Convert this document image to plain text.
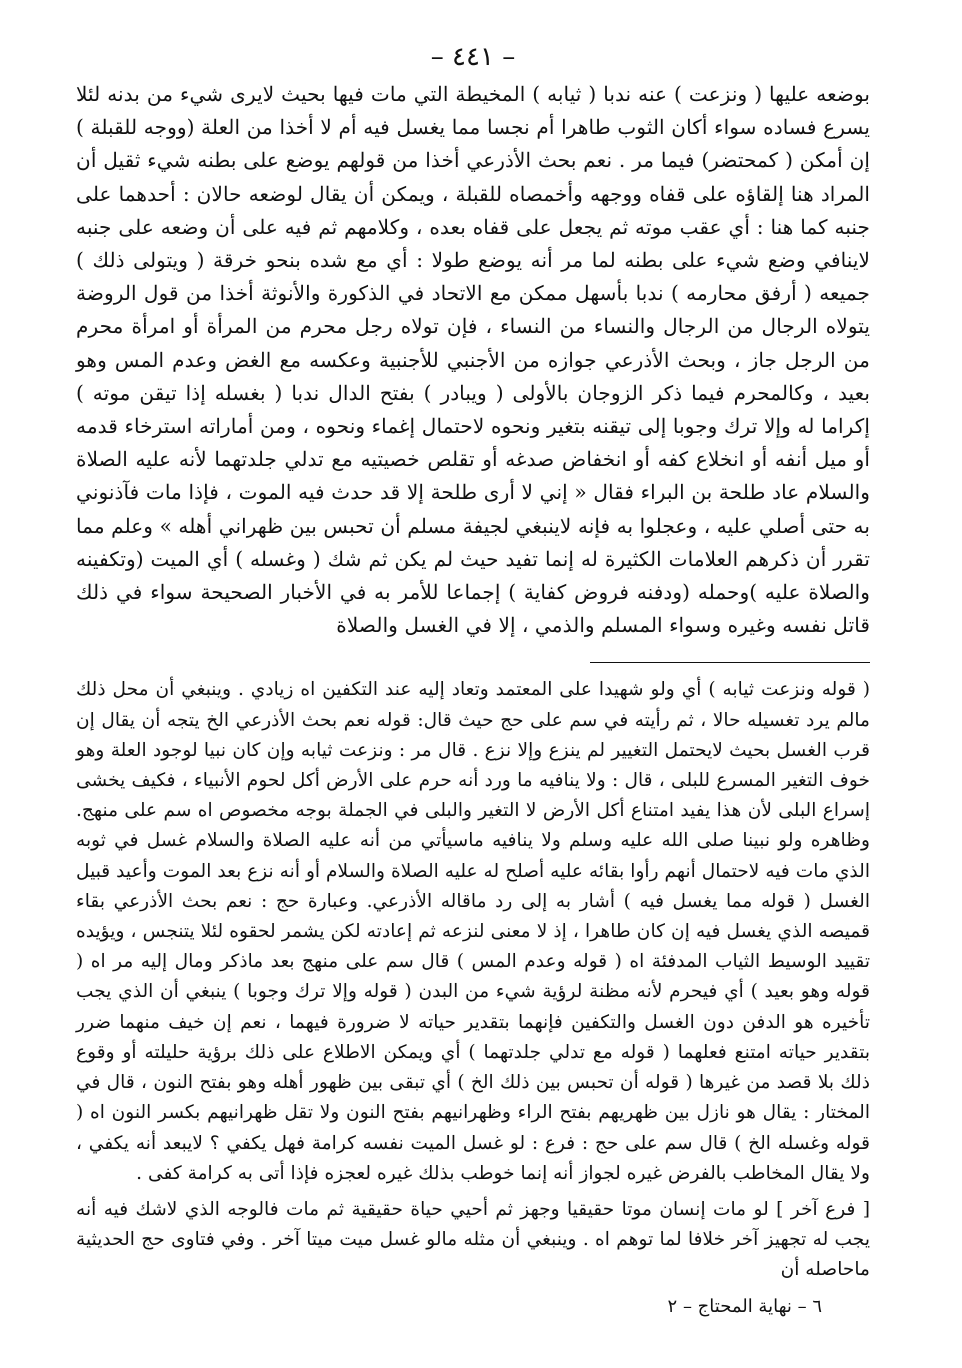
– ٤٤١ –

بوضعه عليها ( ونزعت ) عنه ندبا ( ثيابه ) المخيطة التي مات فيها بحيث لايرى شيء من بدنه لئلا يسرع فساده سواء أكان الثوب طاهرا أم نجسا مما يغسل فيه أم لا أخذا من العلة (ووجه للقبلة ) إن أمكن ( كمحتضر) فيما مر . نعم بحث الأذرعي أخذا من قولهم يوضع على بطنه شيء ثقيل أن المراد هنا إلقاؤه على قفاه ووجهه وأخمصاه للقبلة ، ويمكن أن يقال لوضعه حالان : أحدهما على جنبه كما هنا : أي عقب موته ثم يجعل على قفاه بعده ، وكلامهم ثم فيه على أن وضعه على جنبه لاينافي وضع شيء على بطنه لما مر أنه يوضع طولا : أي مع شده بنحو خرقة ( ويتولى ذلك ) جميعه ( أرفق محارمه ) ندبا بأسهل ممكن مع الاتحاد في الذكورة والأنوثة أخذا من قول الروضة يتولاه الرجال من الرجال والنساء من النساء ، فإن تولاه رجل محرم من المرأة أو امرأة محرم من الرجل جاز ، وبحث الأذرعي جوازه من الأجنبي للأجنبية وعكسه مع الغض وعدم المس وهو بعيد ، وكالمحرم فيما ذكر الزوجان بالأولى ( ويبادر ) بفتح الدال ندبا ( بغسله إذا تيقن موته ) إكراما له وإلا ترك وجوبا إلى تيقنه بتغير ونحوه لاحتمال إغماء ونحوه ، ومن أماراته استرخاء قدمه أو ميل أنفه أو انخلاع كفه أو انخفاض صدغه أو تقلص خصيتيه مع تدلي جلدتهما لأنه عليه الصلاة والسلام عاد طلحة بن البراء فقال « إني لا أرى طلحة إلا قد حدث فيه الموت ، فإذا مات فآذنوني به حتى أصلي عليه ، وعجلوا به فإنه لاينبغي لجيفة مسلم أن تحبس بين ظهراني أهله » وعلم مما تقرر أن ذكرهم العلامات الكثيرة له إنما تفيد حيث لم يكن ثم شك ( وغسله ) أي الميت (وتكفينه والصلاة عليه )وحمله (ودفنه فروض كفاية ) إجماعا للأمر به في الأخبار الصحيحة سواء في ذلك قاتل نفسه وغيره وسواء المسلم والذمي ، إلا في الغسل والصلاة

( قوله ونزعت ثيابه ) أي ولو شهيدا على المعتمد وتعاد إليه عند التكفين اه زيادي . وينبغي أن محل ذلك مالم يرد تغسيله حالا ، ثم رأيته في سم على حج حيث قال: قوله نعم بحث الأذرعي الخ يتجه أن يقال إن قرب الغسل بحيث لايحتمل التغيير لم ينزع وإلا نزع . قال مر : ونزعت ثيابه وإن كان نبيا لوجود العلة وهو خوف التغير المسرع للبلى ، قال : ولا ينافيه ما ورد أنه حرم على الأرض أكل لحوم الأنبياء ، فكيف يخشى إسراع البلى لأن هذا يفيد امتناع أكل الأرض لا التغير والبلى في الجملة بوجه مخصوص اه سم على منهج. وظاهره ولو نبينا صلى الله عليه وسلم ولا ينافيه ماسيأتي من أنه عليه الصلاة والسلام غسل في ثوبه الذي مات فيه لاحتمال أنهم رأوا بقائه عليه أصلح له عليه الصلاة والسلام أو أنه نزع بعد الموت وأعيد قبيل الغسل ( قوله مما يغسل فيه ) أشار به إلى رد ماقاله الأذرعي. وعبارة حج : نعم بحث الأذرعي بقاء قميصه الذي يغسل فيه إن كان طاهرا ، إذ لا معنى لنزعه ثم إعادته لكن يشمر لحقوه لئلا يتنجس ، ويؤيده تقييد الوسيط الثياب المدفئة اه ( قوله وعدم المس ) قال سم على منهج بعد ماذكر ومال إليه مر اه ( قوله وهو بعيد ) أي فيحرم لأنه مظنة لرؤية شيء من البدن ( قوله وإلا ترك وجوبا ) ينبغي أن الذي يجب تأخيره هو الدفن دون الغسل والتكفين فإنهما بتقدير حياته لا ضرورة فيهما ، نعم إن خيف منهما ضرر بتقدير حياته امتنع فعلهما ( قوله مع تدلي جلدتهما ) أي ويمكن الاطلاع على ذلك برؤية حليلته أو وقوع ذلك بلا قصد من غيرها ( قوله أن تحبس بين ذلك الخ ) أي تبقى بين ظهور أهله وهو بفتح النون ، قال في المختار : يقال هو نازل بين ظهريهم بفتح الراء وظهرانيهم بفتح النون ولا تقل ظهرانيهم بكسر النون اه ( قوله وغسله الخ ) قال سم على حج : فرع : لو غسل الميت نفسه كرامة فهل يكفي ؟ لايبعد أنه يكفي ، ولا يقال المخاطب بالفرض غيره لجواز أنه إنما خوطب بذلك غيره لعجزه فإذا أتى به كرامة كفى .

[ فرع آخر ] لو مات إنسان موتا حقيقيا وجهز ثم أحيي حياة حقيقية ثم مات فالوجه الذي لاشك فيه أنه يجب له تجهيز آخر خلافا لما توهم اه . وينبغي أن مثله مالو غسل ميت ميتا آخر . وفي فتاوى حج الحديثية ماحاصله أن

٦ – نهاية المحتاج – ٢
